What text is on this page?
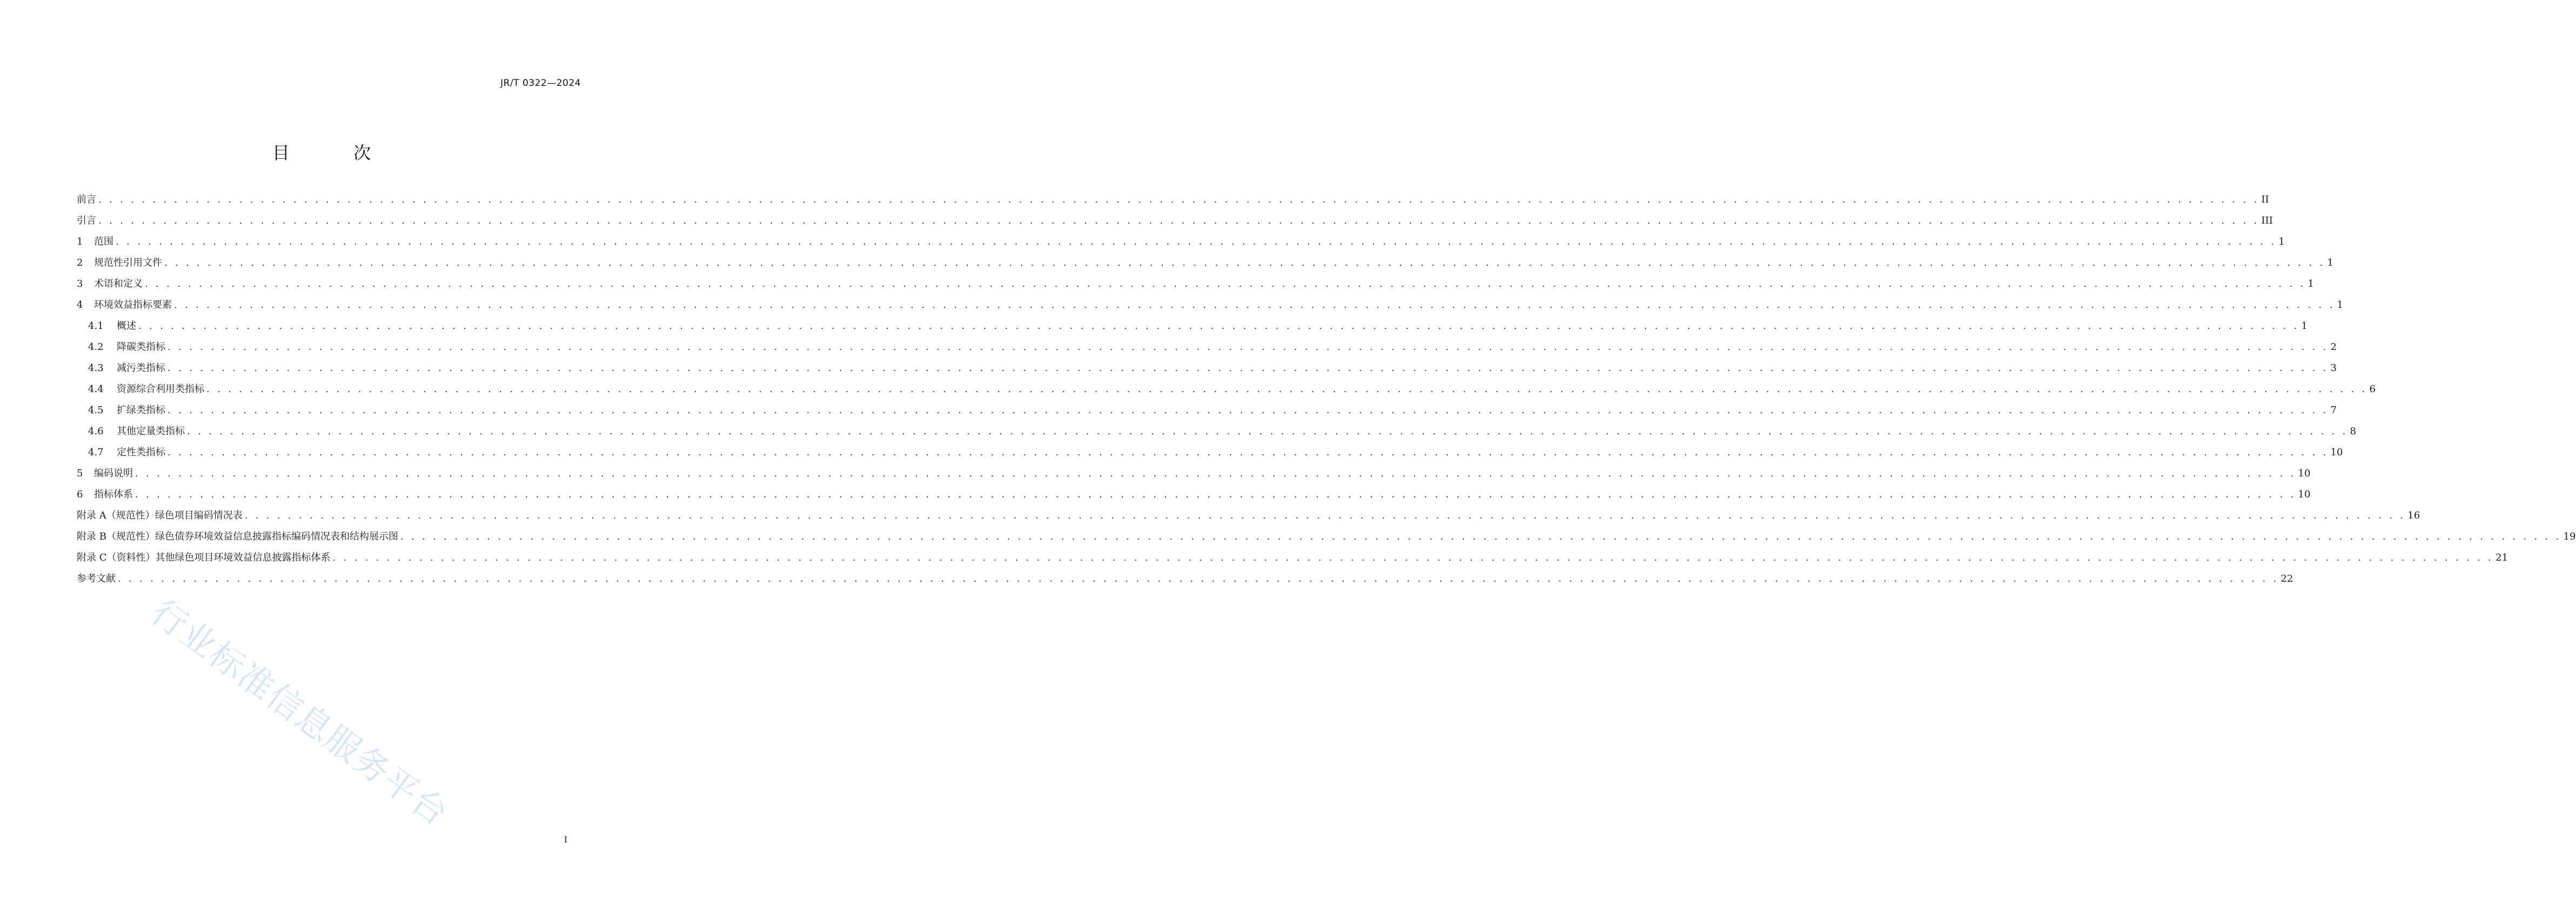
JR/T 0322—2024
目 次
前言 . . . . . . . . . . . . . . . . . . . . . . . . . . . . . . . . . . . . . . . . . . . . . . . . . . . . . . . . . . . . . . . . . . . . . . . . . . . . . . . . . . . . . . . . . . . . . . . . . . . . . . . . . . . . . . . . . . . . . . . . . . . . . . . . . . . . . . . . . . . . . . . . . . . . . . . . . . . . . . . . . . . . . . . . . . . . . . . . . . . . . . . . . . . . . . . . . . . . . . . . II
引言 . . . . . . . . . . . . . . . . . . . . . . . . . . . . . . . . . . . . . . . . . . . . . . . . . . . . . . . . . . . . . . . . . . . . . . . . . . . . . . . . . . . . . . . . . . . . . . . . . . . . . . . . . . . . . . . . . . . . . . . . . . . . . . . . . . . . . . . . . . . . . . . . . . . . . . . . . . . . . . . . . . . . . . . . . . . . . . . . . . . . . . . . . . . . . . . . . . . . . . . . III
1	范围 . . . . . . . . . . . . . . . . . . . . . . . . . . . . . . . . . . . . . . . . . . . . . . . . . . . . . . . . . . . . . . . . . . . . . . . . . . . . . . . . . . . . . . . . . . . . . . . . . . . . . . . . . . . . . . . . . . . . . . . . . . . . . . . . . . . . . . . . . . . . . . . . . . . . . . . . . . . . . . . . . . . . . . . . . . . . . . . . . . . . . . . . . . . . . . . . . . . . . . . . 1
2	规范性引用文件 . . . . . . . . . . . . . . . . . . . . . . . . . . . . . . . . . . . . . . . . . . . . . . . . . . . . . . . . . . . . . . . . . . . . . . . . . . . . . . . . . . . . . . . . . . . . . . . . . . . . . . . . . . . . . . . . . . . . . . . . . . . . . . . . . . . . . . . . . . . . . . . . . . . . . . . . . . . . . . . . . . . . . . . . . . . . . . . . . . . . . . . . . . . . . . . . . . . . . . . . 1
3	术语和定义 . . . . . . . . . . . . . . . . . . . . . . . . . . . . . . . . . . . . . . . . . . . . . . . . . . . . . . . . . . . . . . . . . . . . . . . . . . . . . . . . . . . . . . . . . . . . . . . . . . . . . . . . . . . . . . . . . . . . . . . . . . . . . . . . . . . . . . . . . . . . . . . . . . . . . . . . . . . . . . . . . . . . . . . . . . . . . . . . . . . . . . . . . . . . . . . . . . . . . . . . 1
4	环境效益指标要素 . . . . . . . . . . . . . . . . . . . . . . . . . . . . . . . . . . . . . . . . . . . . . . . . . . . . . . . . . . . . . . . . . . . . . . . . . . . . . . . . . . . . . . . . . . . . . . . . . . . . . . . . . . . . . . . . . . . . . . . . . . . . . . . . . . . . . . . . . . . . . . . . . . . . . . . . . . . . . . . . . . . . . . . . . . . . . . . . . . . . . . . . . . . . . . . . . . . . . . . . 1
4.1	概述 . . . . . . . . . . . . . . . . . . . . . . . . . . . . . . . . . . . . . . . . . . . . . . . . . . . . . . . . . . . . . . . . . . . . . . . . . . . . . . . . . . . . . . . . . . . . . . . . . . . . . . . . . . . . . . . . . . . . . . . . . . . . . . . . . . . . . . . . . . . . . . . . . . . . . . . . . . . . . . . . . . . . . . . . . . . . . . . . . . . . . . . . . . . . . . . . . . . . . . . . 1
4.2	降碳类指标 . . . . . . . . . . . . . . . . . . . . . . . . . . . . . . . . . . . . . . . . . . . . . . . . . . . . . . . . . . . . . . . . . . . . . . . . . . . . . . . . . . . . . . . . . . . . . . . . . . . . . . . . . . . . . . . . . . . . . . . . . . . . . . . . . . . . . . . . . . . . . . . . . . . . . . . . . . . . . . . . . . . . . . . . . . . . . . . . . . . . . . . . . . . . . . . . . . . . . . . . 2
4.3	减污类指标 . . . . . . . . . . . . . . . . . . . . . . . . . . . . . . . . . . . . . . . . . . . . . . . . . . . . . . . . . . . . . . . . . . . . . . . . . . . . . . . . . . . . . . . . . . . . . . . . . . . . . . . . . . . . . . . . . . . . . . . . . . . . . . . . . . . . . . . . . . . . . . . . . . . . . . . . . . . . . . . . . . . . . . . . . . . . . . . . . . . . . . . . . . . . . . . . . . . . . . . . 3
4.4	资源综合利用类指标 . . . . . . . . . . . . . . . . . . . . . . . . . . . . . . . . . . . . . . . . . . . . . . . . . . . . . . . . . . . . . . . . . . . . . . . . . . . . . . . . . . . . . . . . . . . . . . . . . . . . . . . . . . . . . . . . . . . . . . . . . . . . . . . . . . . . . . . . . . . . . . . . . . . . . . . . . . . . . . . . . . . . . . . . . . . . . . . . . . . . . . . . . . . . . . . . . . . . . . . . 6
4.5	扩绿类指标 . . . . . . . . . . . . . . . . . . . . . . . . . . . . . . . . . . . . . . . . . . . . . . . . . . . . . . . . . . . . . . . . . . . . . . . . . . . . . . . . . . . . . . . . . . . . . . . . . . . . . . . . . . . . . . . . . . . . . . . . . . . . . . . . . . . . . . . . . . . . . . . . . . . . . . . . . . . . . . . . . . . . . . . . . . . . . . . . . . . . . . . . . . . . . . . . . . . . . . . . 7
4.6	其他定量类指标 . . . . . . . . . . . . . . . . . . . . . . . . . . . . . . . . . . . . . . . . . . . . . . . . . . . . . . . . . . . . . . . . . . . . . . . . . . . . . . . . . . . . . . . . . . . . . . . . . . . . . . . . . . . . . . . . . . . . . . . . . . . . . . . . . . . . . . . . . . . . . . . . . . . . . . . . . . . . . . . . . . . . . . . . . . . . . . . . . . . . . . . . . . . . . . . . . . . . . . . . 8
4.7	定性类指标 . . . . . . . . . . . . . . . . . . . . . . . . . . . . . . . . . . . . . . . . . . . . . . . . . . . . . . . . . . . . . . . . . . . . . . . . . . . . . . . . . . . . . . . . . . . . . . . . . . . . . . . . . . . . . . . . . . . . . . . . . . . . . . . . . . . . . . . . . . . . . . . . . . . . . . . . . . . . . . . . . . . . . . . . . . . . . . . . . . . . . . . . . . . . . . . . . . . . . . . . 10
5	编码说明 . . . . . . . . . . . . . . . . . . . . . . . . . . . . . . . . . . . . . . . . . . . . . . . . . . . . . . . . . . . . . . . . . . . . . . . . . . . . . . . . . . . . . . . . . . . . . . . . . . . . . . . . . . . . . . . . . . . . . . . . . . . . . . . . . . . . . . . . . . . . . . . . . . . . . . . . . . . . . . . . . . . . . . . . . . . . . . . . . . . . . . . . . . . . . . . . . . . . . . . . 10
6	指标体系 . . . . . . . . . . . . . . . . . . . . . . . . . . . . . . . . . . . . . . . . . . . . . . . . . . . . . . . . . . . . . . . . . . . . . . . . . . . . . . . . . . . . . . . . . . . . . . . . . . . . . . . . . . . . . . . . . . . . . . . . . . . . . . . . . . . . . . . . . . . . . . . . . . . . . . . . . . . . . . . . . . . . . . . . . . . . . . . . . . . . . . . . . . . . . . . . . . . . . . . . 10
附录 A（规范性）绿色项目编码情况表 . . . . . . . . . . . . . . . . . . . . . . . . . . . . . . . . . . . . . . . . . . . . . . . . . . . . . . . . . . . . . . . . . . . . . . . . . . . . . . . . . . . . . . . . . . . . . . . . . . . . . . . . . . . . . . . . . . . . . . . . . . . . . . . . . . . . . . . . . . . . . . . . . . . . . . . . . . . . . . . . . . . . . . . . . . . . . . . . . . . . . . . . . . . . . . . . . . . . . . . . 16
附录 B（规范性）绿色债券环境效益信息披露指标编码情况表和结构展示图 . . . . . . . . . . . . . . . . . . . . . . . . . . . . . . . . . . . . . . . . . . . . . . . . . . . . . . . . . . . . . . . . . . . . . . . . . . . . . . . . . . . . . . . . . . . . . . . . . . . . . . . . . . . . . . . . . . . . . . . . . . . . . . . . . . . . . . . . . . . . . . . . . . . . . . . . . . . . . . . . . . . . . . . . . . . . . . . . . . . . . . . . . . . . . . . . . . . . . . . . 19
附录 C（资料性）其他绿色项目环境效益信息披露指标体系 . . . . . . . . . . . . . . . . . . . . . . . . . . . . . . . . . . . . . . . . . . . . . . . . . . . . . . . . . . . . . . . . . . . . . . . . . . . . . . . . . . . . . . . . . . . . . . . . . . . . . . . . . . . . . . . . . . . . . . . . . . . . . . . . . . . . . . . . . . . . . . . . . . . . . . . . . . . . . . . . . . . . . . . . . . . . . . . . . . . . . . . . . . . . . . . . . . . . . . . . 21
参考文献 . . . . . . . . . . . . . . . . . . . . . . . . . . . . . . . . . . . . . . . . . . . . . . . . . . . . . . . . . . . . . . . . . . . . . . . . . . . . . . . . . . . . . . . . . . . . . . . . . . . . . . . . . . . . . . . . . . . . . . . . . . . . . . . . . . . . . . . . . . . . . . . . . . . . . . . . . . . . . . . . . . . . . . . . . . . . . . . . . . . . . . . . . . . . . . . . . . . . . . . . 22
行业标准信息服务平台
I
